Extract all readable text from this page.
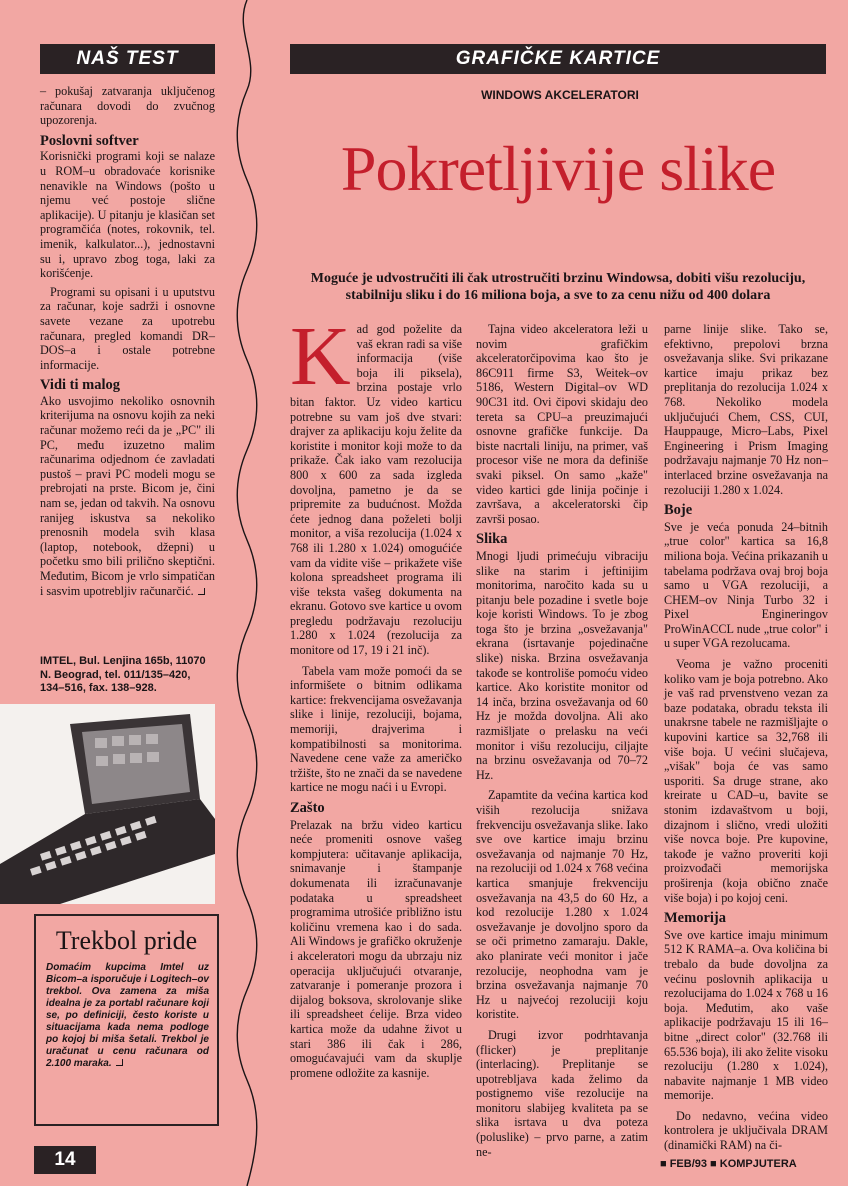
NAŠ TEST	GRAFIČKE KARTICE
WINDOWS AKCELERATORI
Pokretljivije slike
Moguće je udvostručiti ili čak utrostručiti brzinu Windowsa, dobiti višu rezoluciju, stabilniju sliku i do 16 miliona boja, a sve to za cenu nižu od 400 dolara

– pokušaj zatvaranja uključenog računara dovodi do zvučnog upozorenja.

Poslovni softver

Korisnički programi koji se nalaze u ROM–u obradovaće korisnike nenavikle na Windows (pošto u njemu već postoje slične aplikacije). U pitanju je klasičan set programčića (notes, rokovnik, tel. imenik, kalkulator...), jednostavni su i, upravo zbog toga, laki za korišćenje.

Programi su opisani i u uputstvu za računar, koje sadrži i osnovne savete vezane za upotrebu računara, pregled komandi DR–DOS–a i ostale potrebne informacije.

Vidi ti malog

Ako usvojimo nekoliko osnovnih kriterijuma na osnovu kojih za neki računar možemo reći da je „PC" ili PC, među izuzetno malim računarima odjednom će zavladati pustoš – pravi PC modeli mogu se prebrojati na prste. Bicom je, čini nam se, jedan od takvih. Na osnovu ranijeg iskustva sa nekoliko prenosnih modela svih klasa (laptop, notebook, džepni) u početku smo bili prilično skeptični. Međutim, Bicom je vrlo simpatičan i sasvim upotrebljiv računarčić.

IMTEL, Bul. Lenjina 165b, 11070 N. Beograd, tel. 011/135–420, 134–516, fax. 138–928.
Trekbol pride
Domaćim kupcima Imtel uz Bicom–a isporučuje i Logitech–ov trekbol. Ova zamena za miša idealna je za portabl računare koji se, po definiciji, često koriste u situacijama kada nema podloge po kojoj bi miša šetali. Trekbol je uračunat u cenu računara od 2.100 maraka.

Kad god poželite da vaš ekran radi sa više informacija (više boja ili piksela), brzina postaje vrlo bitan faktor. Uz video karticu potrebne su vam još dve stvari: drajver za aplikaciju koju želite da koristite i monitor koji može to da prikaže. Čak iako vam rezolucija 800 x 600 za sada izgleda dovoljna, pametno je da se pripremite za budućnost. Možda ćete jednog dana poželeti bolji monitor, a viša rezolucija (1.024 x 768 ili 1.280 x 1.024) omogućiće vam da vidite više – prikažete više kolona spreadsheet programa ili više teksta vašeg dokumenta na ekranu. Gotovo sve kartice u ovom pregledu podržavaju rezoluciju 1.280 x 1.024 (rezolucija za monitore od 17, 19 i 21 inč).

Tabela vam može pomoći da se informišete o bitnim odlikama kartice: frekvencijama osvežavanja slike i linije, rezoluciji, bojama, memoriji, drajverima i kompatibilnosti sa monitorima. Navedene cene važe za američko tržište, što ne znači da se navedene kartice ne mogu naći i u Evropi.

Zašto

Prelazak na bržu video karticu neće promeniti osnove vašeg kompjutera: učitavanje aplikacija, snimavanje i štampanje dokumenata ili izračunavanje podataka u spreadsheet programima utrošiće približno istu količinu vremena kao i do sada. Ali Windows je grafičko okruženje i akceleratori mogu da ubrzaju niz operacija uključujući otvaranje, zatvaranje i pomeranje prozora i dijalog boksova, skrolovanje slike ili spreadsheet ćelije. Brza video kartica može da udahne život u stari 386 ili čak i 286, omogućavajući vam da skuplje promene odložite za kasnije.

Tajna video akceleratora leži u novim grafičkim akceleratorčipovima kao što je 86C911 firme S3, Weitek–ov 5186, Western Digital–ov WD 90C31 itd. Ovi čipovi skidaju deo tereta sa CPU–a preuzimajući osnovne grafičke funkcije. Da biste nacrtali liniju, na primer, vaš procesor više ne mora da definiše svaki piksel. On samo „kaže" video kartici gde linija počinje i završava, a akceleratorski čip završi posao.

Slika

Mnogi ljudi primećuju vibraciju slike na starim i jeftinijim monitorima, naročito kada su u pitanju bele pozadine i svetle boje koje koristi Windows. To je zbog toga što je brzina „osvežavanja" ekrana (isrtavanje pojedinačne slike) niska. Brzina osvežavanja takođe se kontroliše pomoću video kartice. Ako koristite monitor od 14 inča, brzina osvežavanja od 60 Hz je možda dovoljna. Ali ako razmišljate o prelasku na veći monitor i višu rezoluciju, ciljajte na brzinu osvežavanja od 70–72 Hz.

Zapamtite da većina kartica kod viših rezolucija snižava frekvenciju osvežavanja slike. Iako sve ove kartice imaju brzinu osvežavanja od najmanje 70 Hz, na rezoluciji od 1.024 x 768 većina kartica smanjuje frekvenciju osvežavanja na 43,5 do 60 Hz, a kod rezolucije 1.280 x 1.024 osvežavanje je dovoljno sporo da se oči primetno zamaraju. Dakle, ako planirate veći monitor i jače rezolucije, neophodna vam je brzina osvežavanja najmanje 70 Hz u najvećoj rezoluciji koju koristite.

Drugi izvor podrhtavanja (flicker) je preplitanje (interlacing). Preplitanje se upotrebljava kada želimo da postignemo više rezolucije na monitoru slabijeg kvaliteta pa se slika isrtava u dva poteza (poluslike) – prvo parne, a zatim ne-

parne linije slike. Tako se, efektivno, prepolovi brzna osvežavanja slike. Svi prikazane kartice imaju prikaz bez preplitanja do rezolucija 1.024 x 768. Nekoliko modela uključujući Chem, CSS, CUI, Hauppauge, Micro–Labs, Pixel Engineering i Prism Imaging podržavaju najmanje 70 Hz non–interlaced brzine osvežavanja na rezoluciji 1.280 x 1.024.

Boje

Sve je veća ponuda 24–bitnih „true color" kartica sa 16,8 miliona boja. Većina prikazanih u tabelama podržava ovaj broj boja samo u VGA rezoluciji, a CHEM–ov Ninja Turbo 32 i Pixel Engineringov ProWinACCL nude „true color" i u super VGA rezolucama.

Veoma je važno proceniti koliko vam je boja potrebno. Ako je vaš rad prvenstveno vezan za baze podataka, obradu teksta ili unakrsne tabele ne razmišljajte o kupovini kartice sa 32,768 ili više boja. U većini slučajeva, „višak" boja će vas samo usporiti. Sa druge strane, ako kreirate u CAD–u, bavite se stonim izdavaštvom u boji, dizajnom i slično, vredi uložiti više novca boje. Pre kupovine, takođe je važno proveriti koji proizvođači memorijska proširenja (koja obično znače više boja) i po kojoj ceni.

Memorija

Sve ove kartice imaju minimum 512 K RAMA–a. Ova količina bi trebalo da bude dovoljna za većinu poslovnih aplikacija u rezolucijama do 1.024 x 768 u 16 boja. Međutim, ako vaše aplikacije podržavaju 15 ili 16–bitne „direct color" (32.768 ili 65.536 boja), ili ako želite visoku rezoluciju (1.280 x 1.024), nabavite najmanje 1 MB video memorije.

Do nedavno, većina video kontrolera je uključivala DRAM (dinamički RAM) na či-

14	■ FEB/93 ■ KOMPJUTERA
